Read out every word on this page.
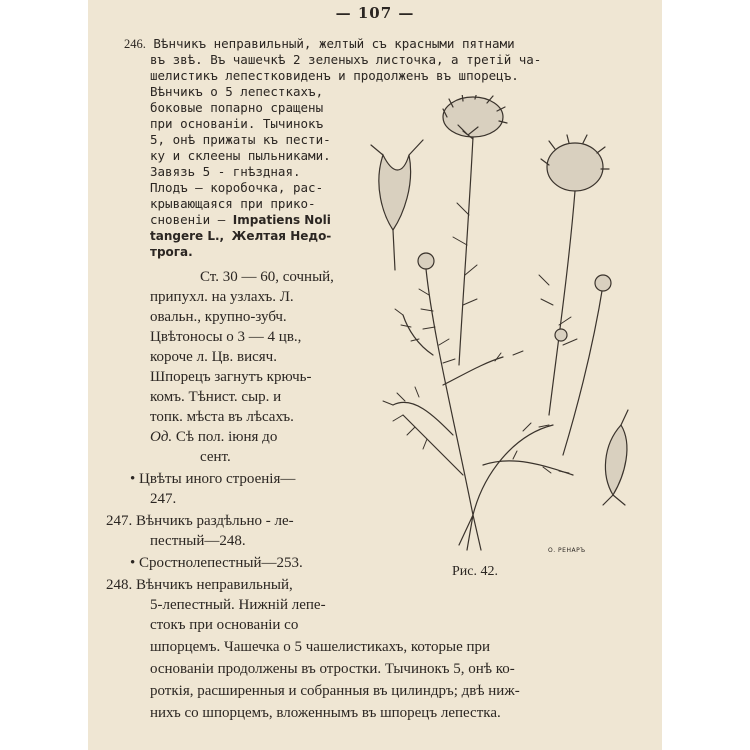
— 107 —
246. Вѣнчикъ неправильный, желтый съ красными пятнами
въ звѣ. Въ чашечкѣ 2 зеленыхъ листочка, а третій ча-
шелистикъ лепестковиденъ и продолженъ въ шпорецъ.
Вѣнчикъ о 5 лепесткахъ,
боковые попарно сращены
при основаніи. Тычинокъ
5, онѣ прижаты къ пести-
ку и склеены пыльниками.
Завязь 5 - гнѣздная.
Плодъ — коробочка, рас-
крывающаяся при прико-
сновеніи — Impatiens Noli
tangere L., Желтая Недо-
трога.
Ст. 30 — 60, сочный,
припухл. на узлахъ. Л.
овальн., крупно-зубч.
Цвѣтоносы о 3 — 4 цв.,
короче л. Цв. висяч.
Шпорецъ загнутъ крючь-
комъ. Тѣнист. сыр. и
топк. мѣста въ лѣсахъ.
Од. Сѣ пол. іюня до
сент.
• Цвѣты иного строенія—
247.
247. Вѣнчикъ раздѣльно - ле-
пестный—248.
• Сростнолепестный—253.
248. Вѣнчикъ неправильный,
5-лепестный. Нижній лепе-
стокъ при основаніи со
шпорцемъ. Чашечка о 5 чашелистикахъ, которые при
основаніи продолжены въ отростки. Тычинокъ 5, онѣ ко-
роткія, расширенныя и собранныя въ цилиндръ; двѣ ниж-
нихъ со шпорцемъ, вложеннымъ въ шпорецъ лепестка.
Рис. 42.
О. РЕНАРЪ
